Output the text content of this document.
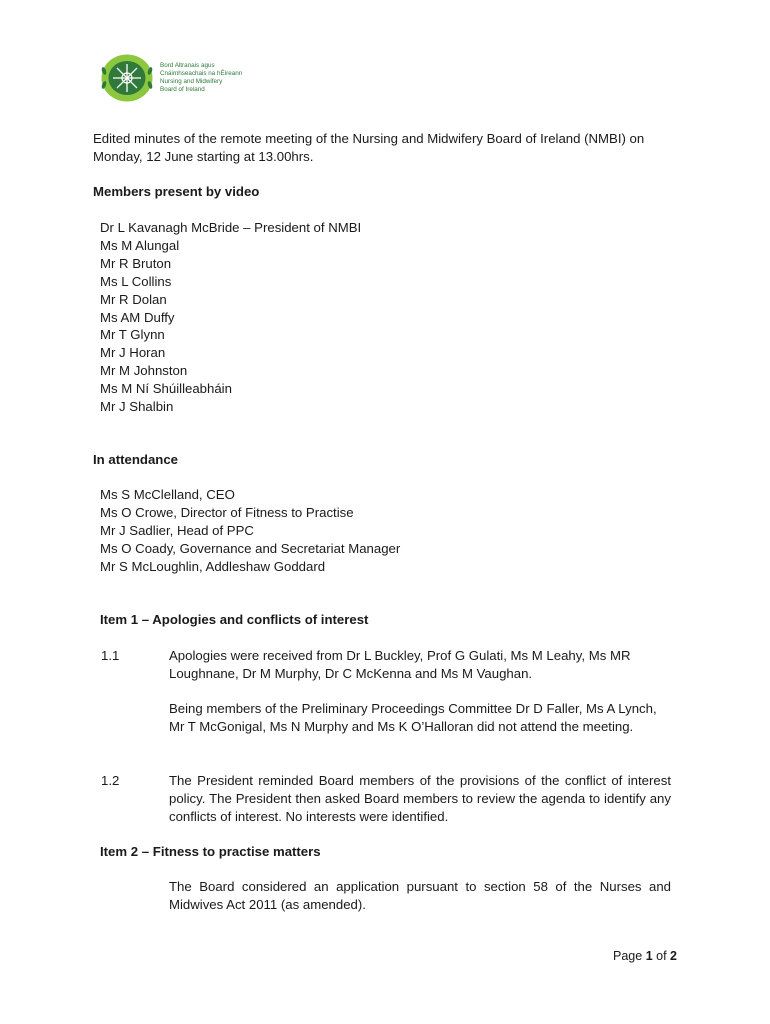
Bord Altranais agus
Cnáimhseachais na hÉireann
Nursing and Midwifery
Board of Ireland
Edited minutes of the remote meeting of the Nursing and Midwifery Board of Ireland (NMBI) on Monday, 12 June starting at 13.00hrs.
Members present by video
Dr L Kavanagh McBride – President of NMBI
Ms M Alungal
Mr R Bruton
Ms L Collins
Mr R Dolan
Ms AM Duffy
Mr T Glynn
Mr J Horan
Mr M Johnston
Ms M Ní Shúilleabháin
Mr J Shalbin
In attendance
Ms S McClelland, CEO
Ms O Crowe, Director of Fitness to Practise
Mr J Sadlier, Head of PPC
Ms O Coady, Governance and Secretariat Manager
Mr S McLoughlin, Addleshaw Goddard
Item 1 – Apologies and conflicts of interest
1.1	Apologies were received from Dr L Buckley, Prof G Gulati, Ms M Leahy, Ms MR Loughnane, Dr M Murphy, Dr C McKenna and Ms M Vaughan.
Being members of the Preliminary Proceedings Committee Dr D Faller, Ms A Lynch, Mr T McGonigal, Ms N Murphy and Ms K O’Halloran did not attend the meeting.
1.2	The President reminded Board members of the provisions of the conflict of interest policy. The President then asked Board members to review the agenda to identify any conflicts of interest. No interests were identified.
Item 2 – Fitness to practise matters
The Board considered an application pursuant to section 58 of the Nurses and Midwives Act 2011 (as amended).
Page 1 of 2
